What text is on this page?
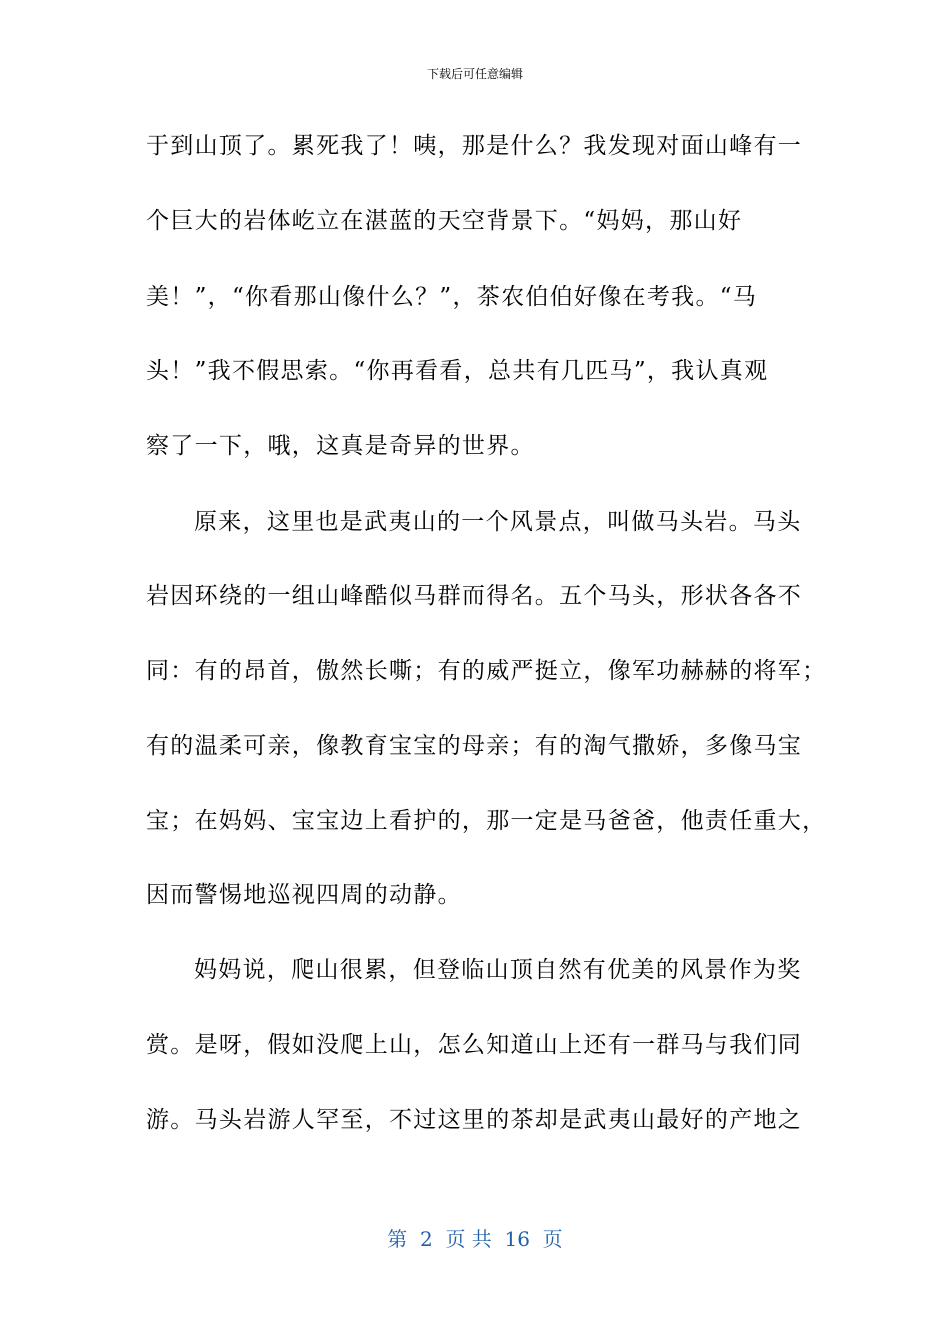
下载后可任意编辑
于到山顶了。累死我了！咦，那是什么？我发现对面山峰有一
个巨大的岩体屹立在湛蓝的天空背景下。“妈妈，那山好
美！”，“你看那山像什么？”，茶农伯伯好像在考我。“马
头！”我不假思索。“你再看看，总共有几匹马”，我认真观
察了一下，哦，这真是奇异的世界。
原来，这里也是武夷山的一个风景点，叫做马头岩。马头
岩因环绕的一组山峰酷似马群而得名。五个马头，形状各各不
同：有的昂首，傲然长嘶；有的威严挺立，像军功赫赫的将军；
有的温柔可亲，像教育宝宝的母亲；有的淘气撒娇，多像马宝
宝；在妈妈、宝宝边上看护的，那一定是马爸爸，他责任重大，
因而警惕地巡视四周的动静。
妈妈说，爬山很累，但登临山顶自然有优美的风景作为奖
赏。是呀，假如没爬上山，怎么知道山上还有一群马与我们同
游。马头岩游人罕至，不过这里的茶却是武夷山最好的产地之
第  2  页 共  16  页
